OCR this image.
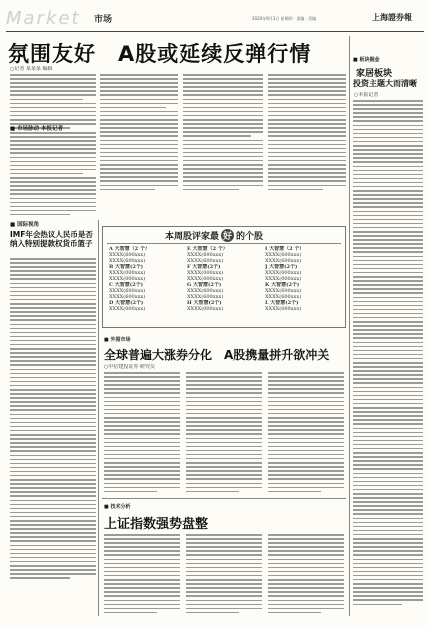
Market 市场	2020年9月3日 星期四 · 责编 · 美编	上海證券報
氛围友好　A股或延续反弹行情
○记者 某某某 编辑
■ 市场脉动 本报记者
■ 板块掘金
家居板块
投资主题大而清晰
○本报记者
■ 国际视角
IMF年会热议人民币是否纳入特别提款权货币篮子
本周股评家最 好 的个股
A 大智慧（2 个）
XXXX(600xxx)
XXXX(600xxx)
B 大智慧(2个)
XXXX(000xxx)
XXXX(000xxx)
C 大智慧(2个)
XXXX(600xxx)
XXXX(600xxx)
D 大智慧(2个)
XXXX(000xxx)
E 大智慧（2 个）
XXXX(600xxx)
XXXX(600xxx)
F 大智慧(2个)
XXXX(000xxx)
XXXX(000xxx)
G 大智慧(2个)
XXXX(600xxx)
XXXX(600xxx)
H 大智慧(2个)
XXXX(000xxx)
I 大智慧（2 个）
XXXX(600xxx)
XXXX(600xxx)
J 大智慧(2个)
XXXX(000xxx)
XXXX(000xxx)
K 大智慧(2个)
XXXX(600xxx)
XXXX(600xxx)
L 大智慧(2个)
XXXX(000xxx)
■ 外围市场
全球普遍大涨券分化　A股携量拼升欲冲关
○中信建投证券 研究员
■ 技术分析
上证指数强势盘整
